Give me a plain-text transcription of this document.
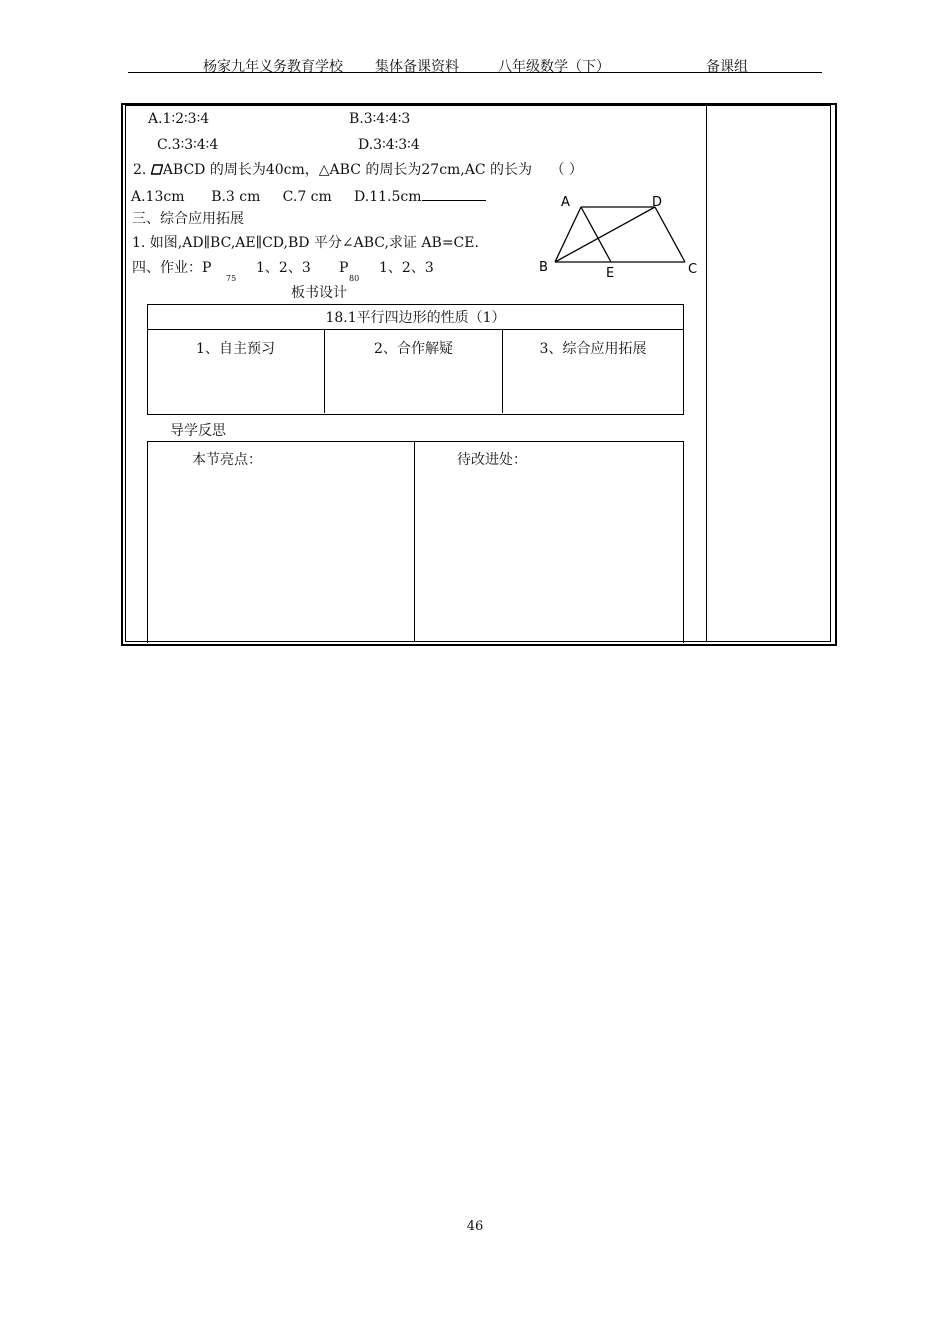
杨家九年义务教育学校 集体备课资料	八年级数学（下）	备课组
A.1∶2∶3∶4	B.3∶4∶4∶3
C.3∶3∶4∶4	D.3∶4∶3∶4
2. ABCD 的周长为40cm，△ABC 的周长为27cm,AC 的长为 （ ）
A.13cm      B.3 cm     C.7 cm     D.11.5cm
三、综合应用拓展
1. 如图,AD∥BC,AE∥CD,BD 平分∠ABC,求证 AB=CE.
四、作业：P
75
1、2、3 P
80
1、2、3
A	D
B	E	C
板书设计
18.1平行四边形的性质（1）
1、自主预习	2、合作解疑	3、综合应用拓展
导学反思
本节亮点：	待改进处：
46
